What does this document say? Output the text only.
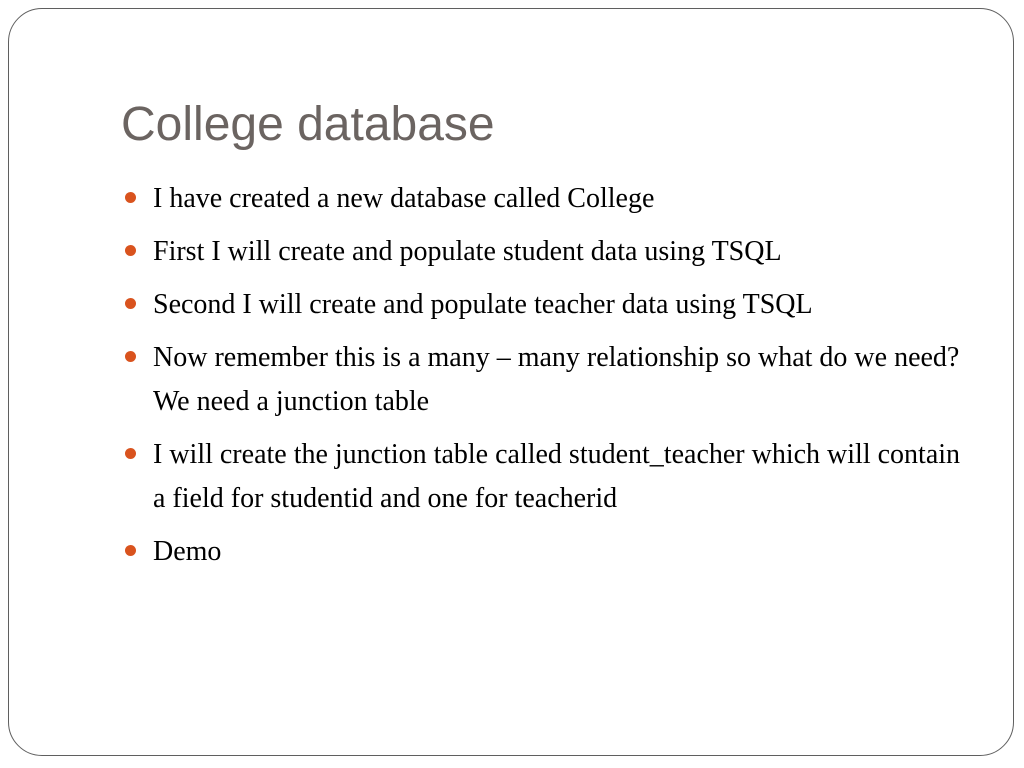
College database
I have created a new database called College
First I will create and populate student data using TSQL
Second I will create and populate teacher data using TSQL
Now remember this is a many – many relationship so what do we need? We need a junction table
I will create the junction table called student_teacher which will contain a field for studentid and one for teacherid
Demo
